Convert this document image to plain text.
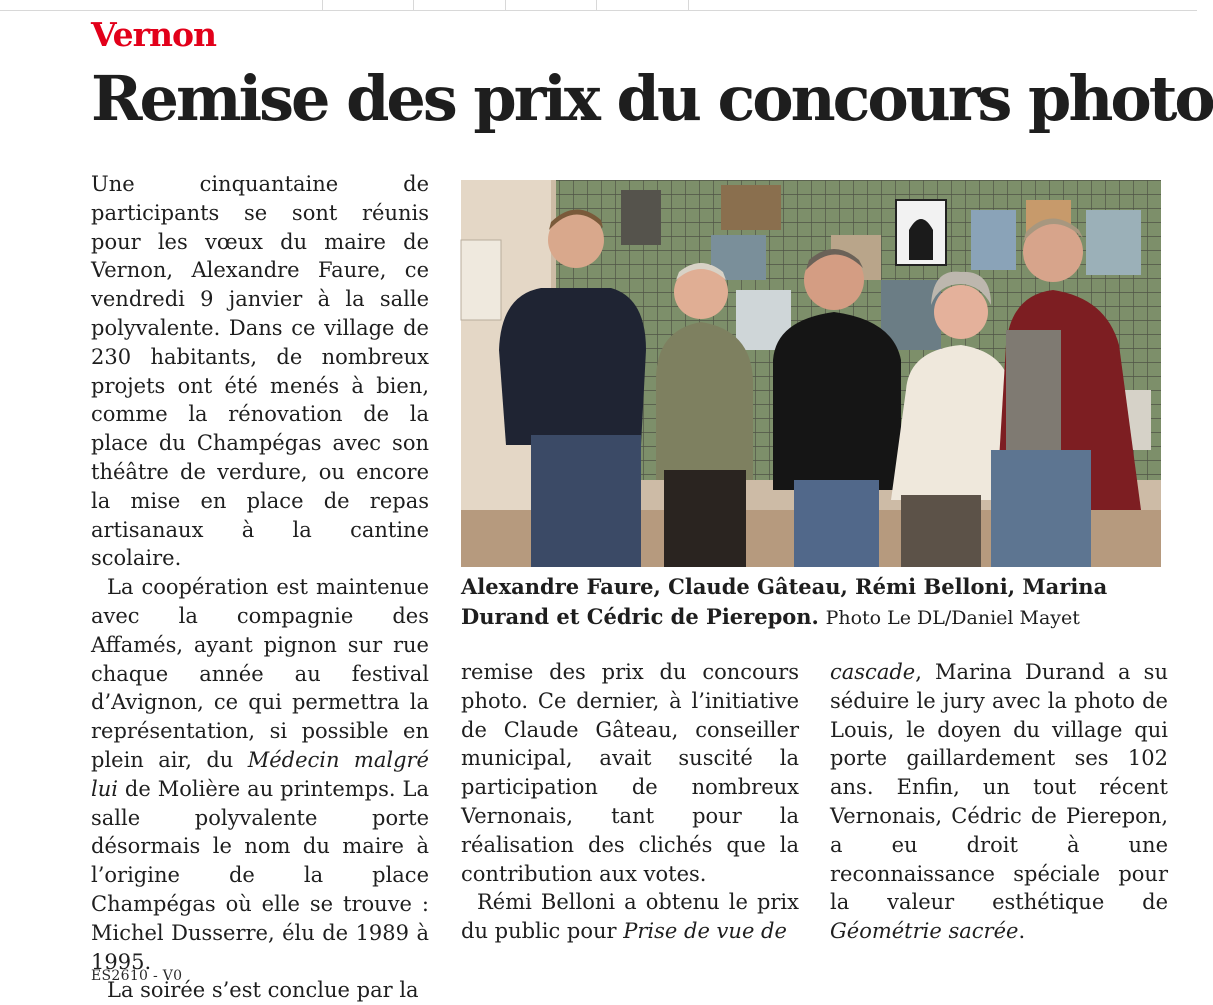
Vernon
Remise des prix du concours photo

Une cinquantaine de participants se sont réunis pour les vœux du maire de Vernon, Alexandre Faure, ce vendredi 9 janvier à la salle polyvalente. Dans ce village de 230 habitants, de nombreux projets ont été menés à bien, comme la rénovation de la place du Champégas avec son théâtre de verdure, ou encore la mise en place de repas artisanaux à la cantine scolaire.

La coopération est maintenue avec la compagnie des Affamés, ayant pignon sur rue chaque année au festival d’Avignon, ce qui permettra la représentation, si possible en plein air, du Médecin malgré lui de Molière au printemps. La salle polyvalente porte désormais le nom du maire à l’origine de la place Champégas où elle se trouve : Michel Dusserre, élu de 1989 à 1995.

La soirée s’est conclue par la

Alexandre Faure, Claude Gâteau, Rémi Belloni, Marina Durand et Cédric de Pierepon. Photo Le DL/Daniel Mayet

remise des prix du concours photo. Ce dernier, à l’initiative de Claude Gâteau, conseiller municipal, avait suscité la participation de nombreux Vernonais, tant pour la réalisation des clichés que la contribution aux votes.

Rémi Belloni a obtenu le prix du public pour Prise de vue de

cascade, Marina Durand a su séduire le jury avec la photo de Louis, le doyen du village qui porte gaillardement ses 102 ans. Enfin, un tout récent Vernonais, Cédric de Pierepon, a eu droit à une reconnaissance spéciale pour la valeur esthétique de Géométrie sacrée.

ES2610 - V0
